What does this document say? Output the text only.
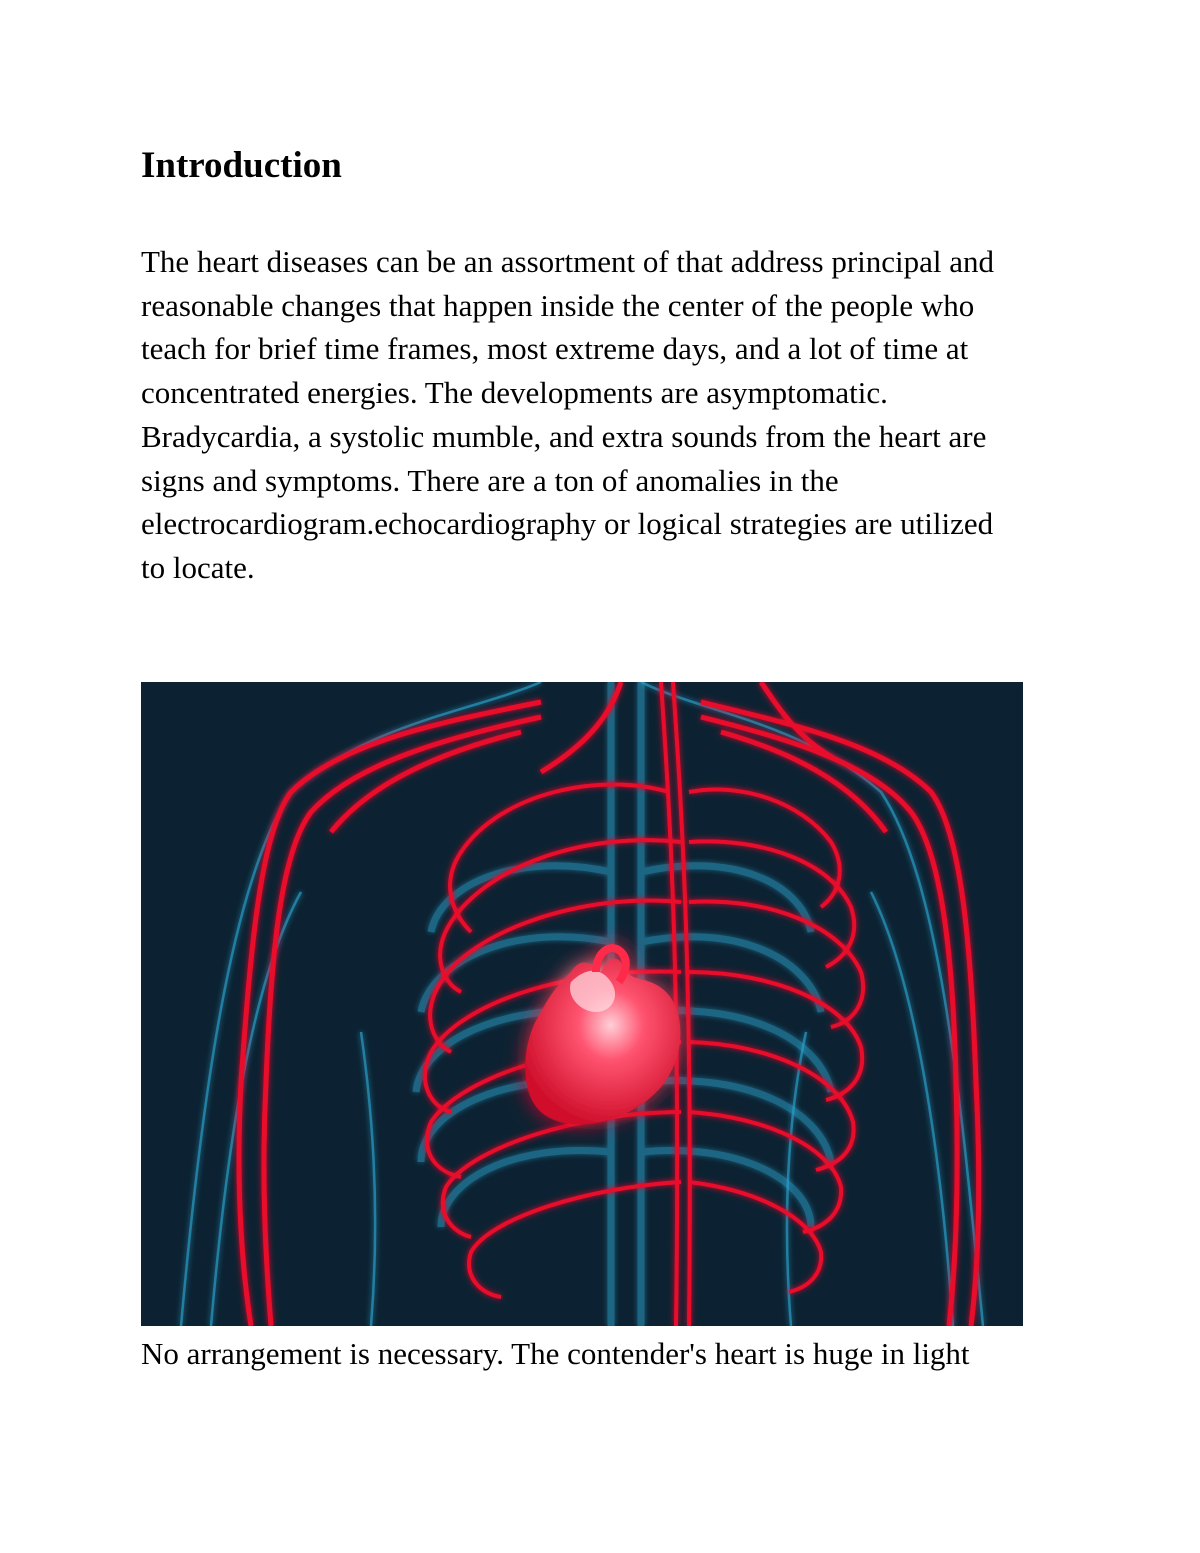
Introduction

The heart diseases can be an assortment of that address principal and
reasonable changes that happen inside the center of the people who
teach for brief time frames, most extreme days, and a lot of time at
concentrated energies. The developments are asymptomatic.
Bradycardia, a systolic mumble, and extra sounds from the heart are
signs and symptoms. There are a ton of anomalies in the
electrocardiogram.echocardiography or logical strategies are utilized
to locate.

No arrangement is necessary. The contender's heart is huge in light
